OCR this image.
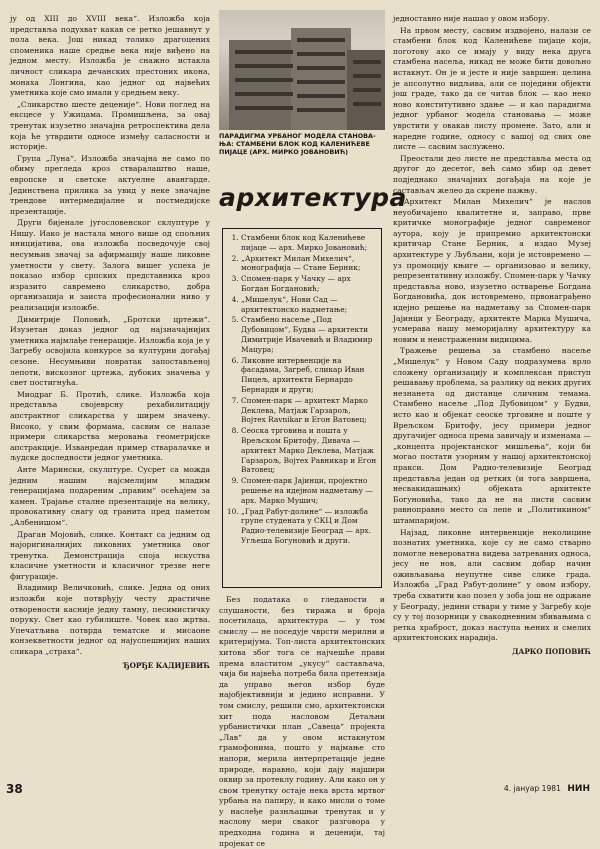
ју од XIII до XVIII века“. Изложба која представља подухват какав се ретко јешавнут у пола века. Још никад толико драгоцених споменика наше средње века није виђено на једном месту. Изложба је снажно истакла личност сликара дечанских престоних икона, монаха Лонгина, као једног од највећих уметника које смо имали у средњем веку.

„Сликарство шесте деценије“. Нови поглед на ексцесе у Ужицама. Промишљена, за овај тренутак изузетно значајна ретроспектива дела која ће утврдити односе између саласности и историје.

Група „Луна“. Изложба значајна не само по обиму прегледа кроз стваралаштво наше, европске и светске актуелне авангарде. Јединствена прилика за увид у неке значајне трендове интермедијалне и постмедијске презентације.

Други бијенале југословенског склуптуре у Нишу. Иако је настала много више од спољних иницијатива, ова изложба посведочује свој несумњив значај за афирмацију наше ликовне уметности у свету. Залога вишег успеха је показао избор српских представника кроз изразито савремено сликарство, добра организација и заиста професионални ниво у реализацији изложбе.

Димитрије Поповић, „Бротски цртежи“. Изузетан доказ једног од најзначајнијих уметника најмлађе генерације. Изложба која је у Загребу освојила конкурсе за културни догађај сезоне. Несумњиви повратак запостављеној лепоти, вискозног цртежа, дубоких значења у свет постигнућа.

Миодраг Б. Протић, слике. Изложба која представља својеврсну рехабилитацију апстрактног сликарства у ширем значењу. Високо, у свим формама, сасвим се налазе примери сликарства меровања геометријске апстракције. Изванредан пример стваралачке и људске доследности једног уметника.

Анте Марински, скулптуре. Сусрет са можда једним нашим најсмелијим младим генерацијама подареним „правим“ осећајем за камен. Трајање сталне презентације на велику, провокативну снагу од гранита пред паметом „Албенишом“.

Драган Мојовић, слике. Контакт са једним од најоригиналнијих ликовних уметника овог тренутка. Демонстрација споја искуства класичне уметности и класичног трезве неге фигурације.

Владимир Величковић, слике. Једна од оних изложби које потврђују честу драстичне отворености касније једну тамну, песимистичку поруку. Свет као губилиште. Човек као жртва. Упечатљива потврда тематске и мисаоне конзекветности једног од најуспешнијих наших сликара „страха“.

ЂОРЂЕ КАДИЈЕВИЋ

ПАРАДИГМА УРБАНОГ МОДЕЛА СТАНОВА-ЊА: СТАМБЕНИ БЛОК КОД КАЛЕНИЋЕВЕ ПИЈАЦЕ (АРХ. МИРКО ЈОВАНОВИЋ)
архитектура
1. Стамбени блок код Каленићеве пијаце — арх. Мирко Јовановић;
2. „Архитект Милан Михелич“, монографија — Стане Берник;
3. Спомен-парк у Чачку — арх Богдан Богдановић;
4. „Мишелук“, Нови Сад — архитектонско надметање;
5. Стамбено насеље „Под Дубовицом“, Будва — архитекти Димитрије Ивачевић и Владимир Мацура;
6. Ликовне интервенције на фасадама, Загреб, сликар Иван Пицељ, архитекти Бернардо Бернарди и други;
7. Спомен-парк — архитект Марко Деклева, Матјаж Гарзарољ, Војтех Ravnikar и Егон Ватовец;
8. Сеоска тргoвина и пошта у Врељском Бритофу, Дивача — архитект Марко Деклева, Матјаж Гарзарољ, Војтех Равникар и Егон Ватовец;
9. Спомен-парк Јајинци, пројектно решење на идејном надметању — арх. Марко Мушич;
10. „Град Рабут-долине“ — изложба групе студената у СКЦ и Дом Радио-телевизије Београд — арх. Угљеша Богуновић и други.

Без података о гледаности и слушаности, без тиража и броја посетилаца, архитектура — у том смислу — не поседује чврсти мерилни и критеријума. Топ-листа архитектонских хитова због тога се најчешће прави према властитом „укусу“ састављача, чија би највећа потреба била претензија да управо његов избор буде најобјективнији и једино исправни. У том смислу, решили смо, архитектонски хит пода насловом Детаљни урбанистички план „Савеца“ пројекта „Лав“ да у овом истакнутом грамофонима, пошто у најмање сто напори, мерила интерпретације једне природе, наравно, који дају најшири оквир за протеклу годину. Али како он у свом тренутку остаје нека врста мртвог урбања на папиру, и како мисли о томе у наслеђе разнљашњи тренутак и у наслову мери сваког разговора у предходна година и деценији, тај пројекат се

једноставно није нашао у овом избору.

На првом месту, сасвим издвојено, налази се стамбени блок код Каленићеве пијаце који, поготову ако се имају у виду нека друга стамбена насеља, никад не може бити довољно истакнут. Он је и јесте и није завршен: целина је апсолутно видљива, али се поједини објекти још граде, тако да се читав блок — као неко ново конститутивно здање — и као парадигма једног урбаног модела становања — може уврстити у овакав листу промене. Зато, али и наредне године, односу с вашој од свих ове листе — сасвим заслужено.

Преостали део листе не представља места од другог до десетог, већ само збир од девет подједнако значајних догађаја на које је састављач желео да скрене пажњу.

„Архитект Милан Михелич“ је наслов неуобичајено квалитетне и, заправо, прве критичке монографије једног савременог аутора, коју је припремио архитектонски критичар Стане Берник, а издао Музеј архитектуре у Љубљани, који је истовремено — уз промоцију књиге — организовао и велику, репрезентативну изложбу. Спомен-парк у Чачку представља ново, изузетно остварење Богдана Богдановића, док истовремено, првонаграђено идејно решење на надметању за Спомен-парк Јајинци у Београду, архитекте Марка Мушича, усмерава нашу меморијалну архитектуру ка новим и неистраженим видицима.

Тражење решења за стамбено насеље „Мишелук“ у Новом Саду подразумева врло сложену организацију и комплексан приступ решавању проблема, за разлику од неких других незнанета од дистанце сличним темама. Стамбено насеље „Под Дубовицом“ у Будви, исто као и објекат сеоске трговине и поште у Врељском Бритофу, јесу примери једног другачијег односа према завичају и изменама — „концепта пројектанског мишљења“, који би могао постати узорним у нашој архитектонској пракси. Дом Радио-телевизије Београд представља један од ретких (и тога завршена, несвакидашњих) објеката архитекте Богуновића, тако да не на листи сасвим равноправно место са лепе и „Политикином“ штампаријом.

Најзад, ликовне интервенције неколицине познатих уметника, које су не само стварно помогле невероватна видева затреваних односа, јесу не нов, али сасвим добар начин оживљавања неупутне сиве слике града. Изложба „Град Рабут-долине“ у овом избору, треба схватити као позел у зоба још не одржане у Београду, једини ствари у тиме у Загребу које су у тој позорници у свакодневним збивањима с ретка храброст, доказ наступа њених и смелих архитектонских нарадија.

ДАРКО ПОПОВИЋ

38	4. јануар 1981 НИН
